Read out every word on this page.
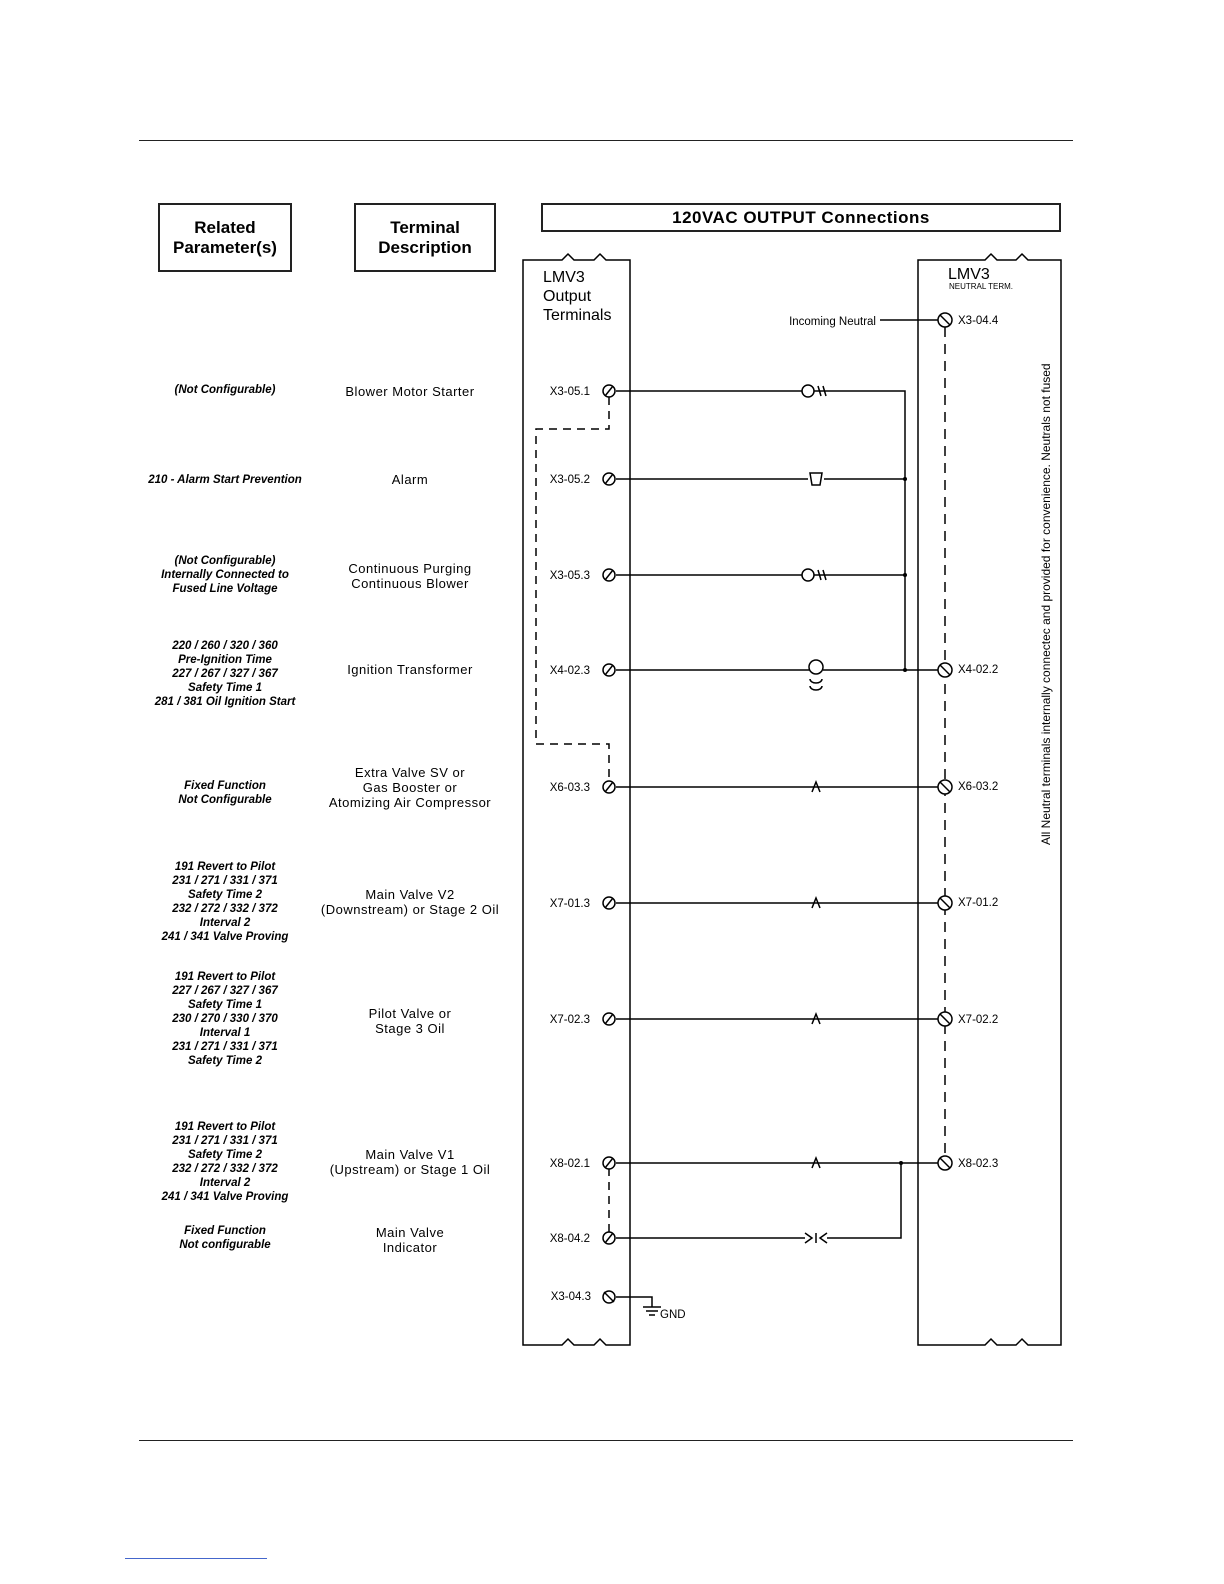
Related
Parameter(s)
Terminal
Description
120VAC OUTPUT Connections
(Not Configurable)
210 - Alarm Start Prevention
(Not Configurable)
Internally Connected to
Fused Line Voltage
220 / 260 / 320 / 360
Pre-Ignition Time
227 / 267 / 327 / 367
Safety Time 1
281 / 381 Oil Ignition Start
Fixed Function
Not Configurable
191 Revert to Pilot
231 / 271 / 331 / 371
Safety Time 2
232 / 272 / 332 / 372
Interval 2
241 / 341 Valve Proving
191 Revert to Pilot
227 / 267 / 327 / 367
Safety Time 1
230 / 270 / 330 / 370
Interval 1
231 / 271 / 331 / 371
Safety Time 2
191 Revert to Pilot
231 / 271 / 331 / 371
Safety Time 2
232 / 272 / 332 / 372
Interval 2
241 / 341 Valve Proving
Fixed Function
Not configurable
Blower Motor Starter
Alarm
Continuous Purging
Continuous Blower
Ignition Transformer
Extra Valve SV or
Gas Booster or
Atomizing Air Compressor
Main Valve V2
(Downstream) or Stage 2 Oil
Pilot Valve or
Stage 3 Oil
Main Valve V1
(Upstream) or Stage 1 Oil
Main Valve
Indicator
LMV3
Output
Terminals
LMV3
NEUTRAL TERM.
Incoming Neutral	X3-04.4
All Neutral terminals internally connectec and provided for convenience. Neutrals not fused
X3-05.1
X3-05.2
X3-05.3
X4-02.3
X6-03.3
X7-01.3
X7-02.3
X8-02.1
X8-04.2
X3-04.3
GND
X4-02.2
X6-03.2
X7-01.2
X7-02.2
X8-02.3
